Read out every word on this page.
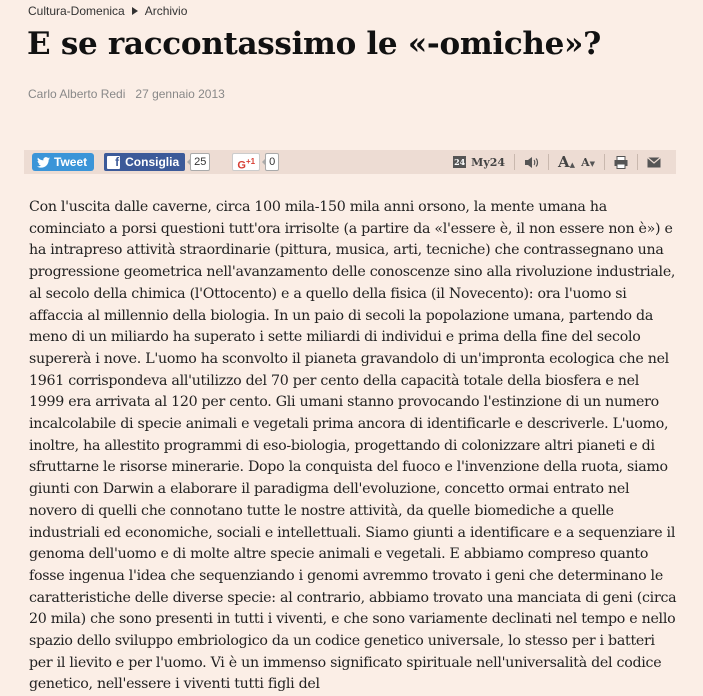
Cultura-Domenica Archivio
E se raccontassimo le «-omiche»?
Carlo Alberto Redi 27 gennaio 2013
Tweet	f Consiglia	25	$G^{+1}$	0	24 My24	A▲ A▼

Con l'uscita dalle caverne, circa 100 mila-150 mila anni orsono, la mente umana ha cominciato a porsi questioni tutt'ora irrisolte (a partire da «l'essere è, il non essere non è») e ha intrapreso attività straordinarie (pittura, musica, arti, tecniche) che contrassegnano una progressione geometrica nell'avanzamento delle conoscenze sino alla rivoluzione industriale, al secolo della chimica (l'Ottocento) e a quello della fisica (il Novecento): ora l'uomo si affaccia al millennio della biologia. In un paio di secoli la popolazione umana, partendo da meno di un miliardo ha superato i sette miliardi di individui e prima della fine del secolo supererà i nove. L'uomo ha sconvolto il pianeta gravandolo di un'impronta ecologica che nel 1961 corrispondeva all'utilizzo del 70 per cento della capacità totale della biosfera e nel 1999 era arrivata al 120 per cento. Gli umani stanno provocando l'estinzione di un numero incalcolabile di specie animali e vegetali prima ancora di identificarle e descriverle. L'uomo, inoltre, ha allestito programmi di eso-biologia, progettando di colonizzare altri pianeti e di sfruttarne le risorse minerarie. Dopo la conquista del fuoco e l'invenzione della ruota, siamo giunti con Darwin a elaborare il paradigma dell'evoluzione, concetto ormai entrato nel novero di quelli che connotano tutte le nostre attività, da quelle biomediche a quelle industriali ed economiche, sociali e intellettuali. Siamo giunti a identificare e a sequenziare il genoma dell'uomo e di molte altre specie animali e vegetali. E abbiamo compreso quanto fosse ingenua l'idea che sequenziando i genomi avremmo trovato i geni che determinano le caratteristiche delle diverse specie: al contrario, abbiamo trovato una manciata di geni (circa 20 mila) che sono presenti in tutti i viventi, e che sono variamente declinati nel tempo e nello spazio dello sviluppo embriologico da un codice genetico universale, lo stesso per i batteri per il lievito e per l'uomo. Vi è un immenso significato spirituale nell'universalità del codice genetico, nell'essere i viventi tutti figli del
